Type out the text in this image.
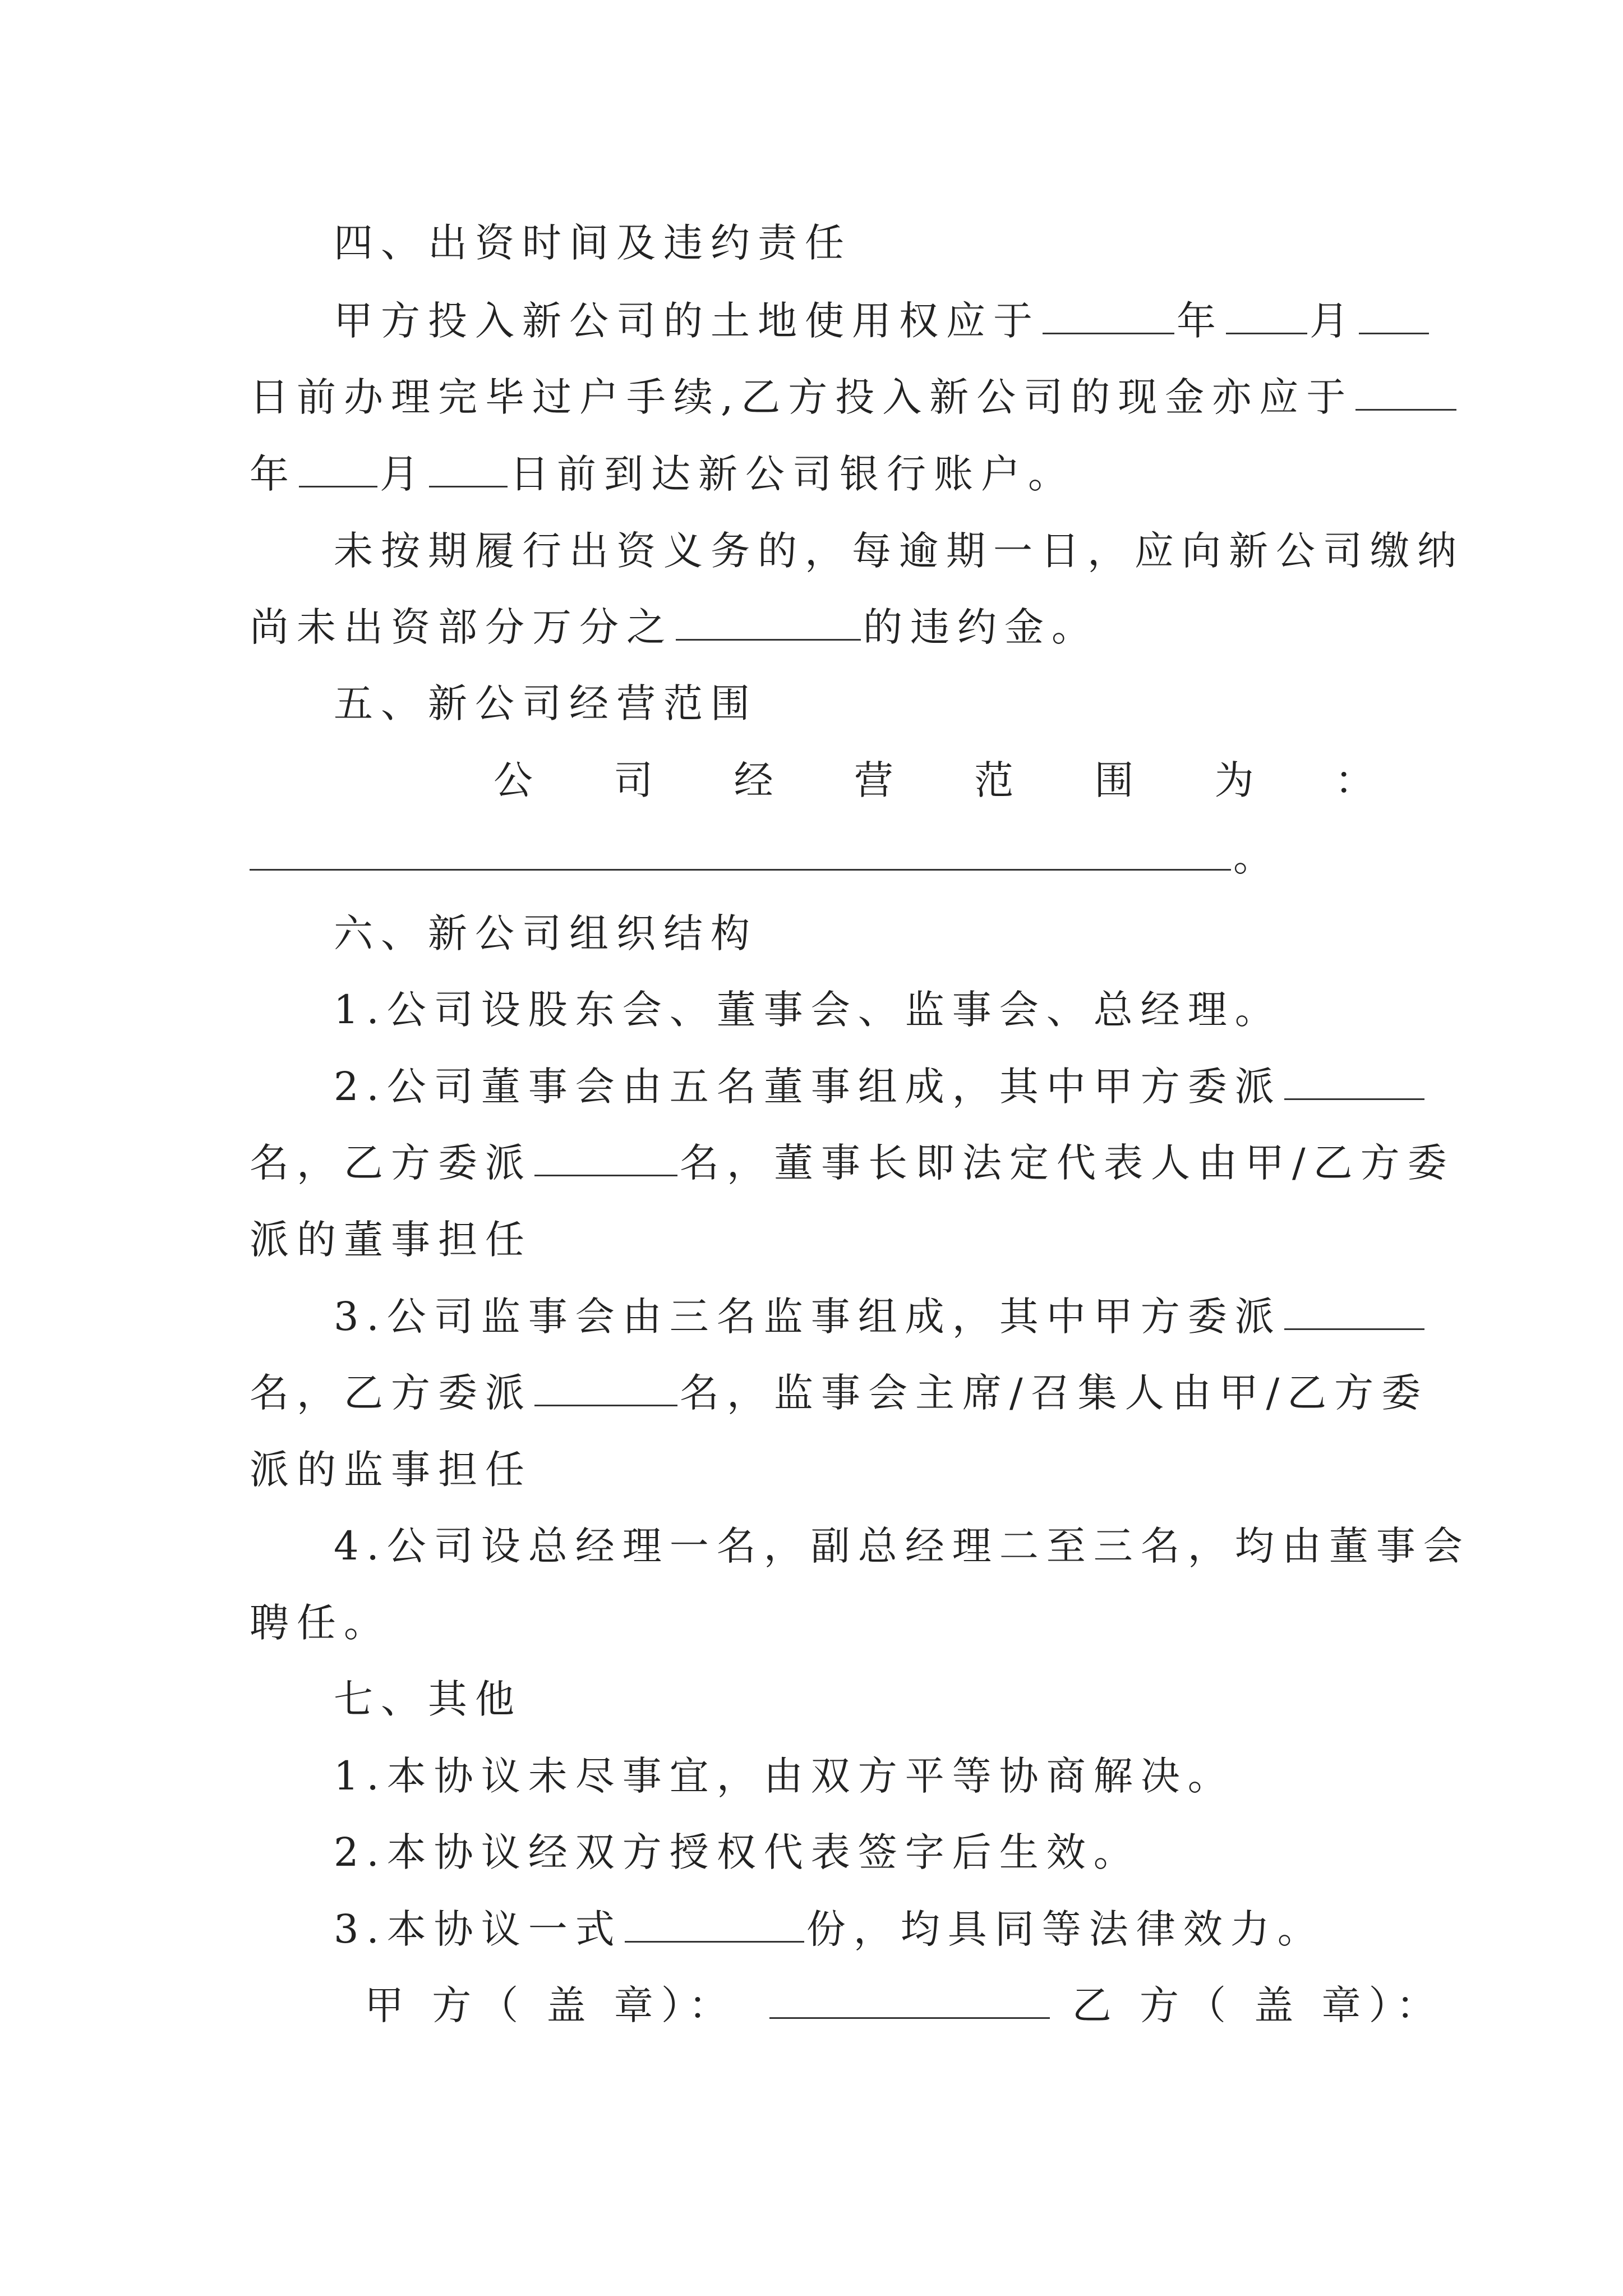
四、出资时间及违约责任
甲方投入新公司的土地使用权应于	年 月
日前办理完毕过户手续,乙方投入新公司的现金亦应于
年 月 日前到达新公司银行账户。
未按期履行出资义务的，每逾期一日，应向新公司缴纳
尚未出资部分万分之	的违约金。
五、新公司经营范围
公 司 经 营 范 围 为 ：
。
六、新公司组织结构
1.公司设股东会、董事会、监事会、总经理。
2.公司董事会由五名董事组成，其中甲方委派
名，乙方委派	名，董事长即法定代表人由甲/乙方委
派的董事担任
3.公司监事会由三名监事组成，其中甲方委派
名，乙方委派	名，监事会主席/召集人由甲/乙方委
派的监事担任
4.公司设总经理一名，副总经理二至三名，均由董事会
聘任。
七、其他
1.本协议未尽事宜，由双方平等协商解决。
2.本协议经双方授权代表签字后生效。
3.本协议一式	份，均具同等法律效力。
甲 方（ 盖 章）：	乙 方（ 盖 章）：
